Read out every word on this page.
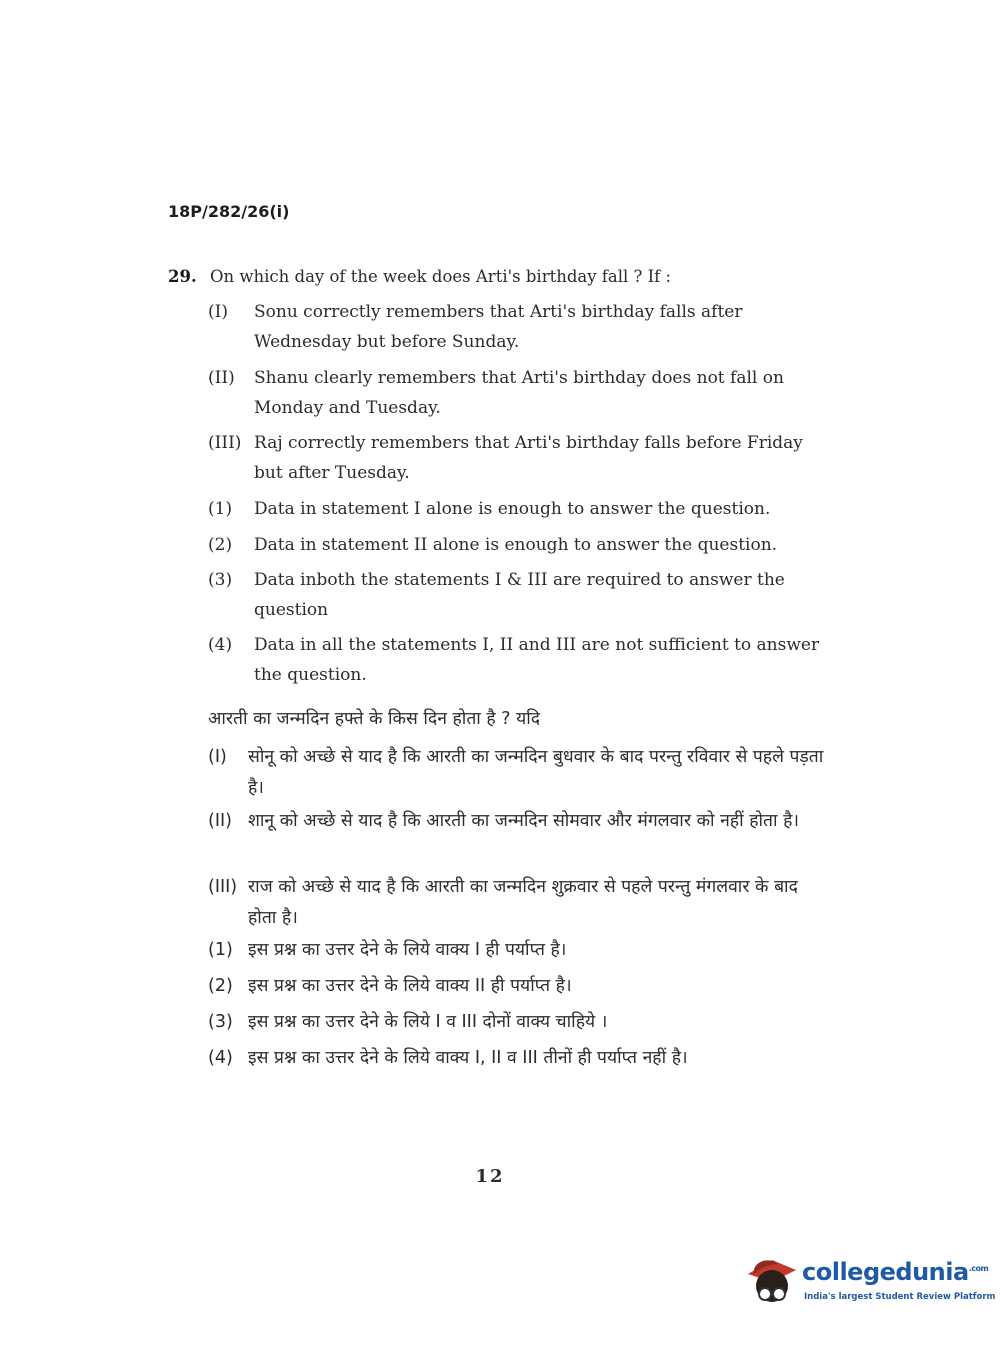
18P/282/26(i)
29. On which day of the week does Arti's birthday fall ? If :
(I) Sonu correctly remembers that Arti's birthday falls after Wednesday but before Sunday.
(II) Shanu clearly remembers that Arti's birthday does not fall on Monday and Tuesday.
(III) Raj correctly remembers that Arti's birthday falls before Friday but after Tuesday.
(1) Data in statement I alone is enough to answer the question.
(2) Data in statement II alone is enough to answer the question.
(3) Data inboth the statements I & III are required to answer the question
(4) Data in all the statements I, II and III are not sufficient to answer the question.
आरती का जन्मदिन हफ्ते के किस दिन होता है ? यदि
(I) सोनू को अच्छे से याद है कि आरती का जन्मदिन बुधवार के बाद परन्तु रविवार से पहले पड़ता है।
(II) शानू को अच्छे से याद है कि आरती का जन्मदिन सोमवार और मंगलवार को नहीं होता है।
(III) राज को अच्छे से याद है कि आरती का जन्मदिन शुक्रवार से पहले परन्तु मंगलवार के बाद होता है।
(1) इस प्रश्न का उत्तर देने के लिये वाक्य I ही पर्याप्त है।
(2) इस प्रश्न का उत्तर देने के लिये वाक्य II ही पर्याप्त है।
(3) इस प्रश्न का उत्तर देने के लिये I व III दोनों वाक्य चाहिये ।
(4) इस प्रश्न का उत्तर देने के लिये वाक्य I, II व III तीनों ही पर्याप्त नहीं है।
12
collegedunia$^{.com}$
India's largest Student Review Platform
